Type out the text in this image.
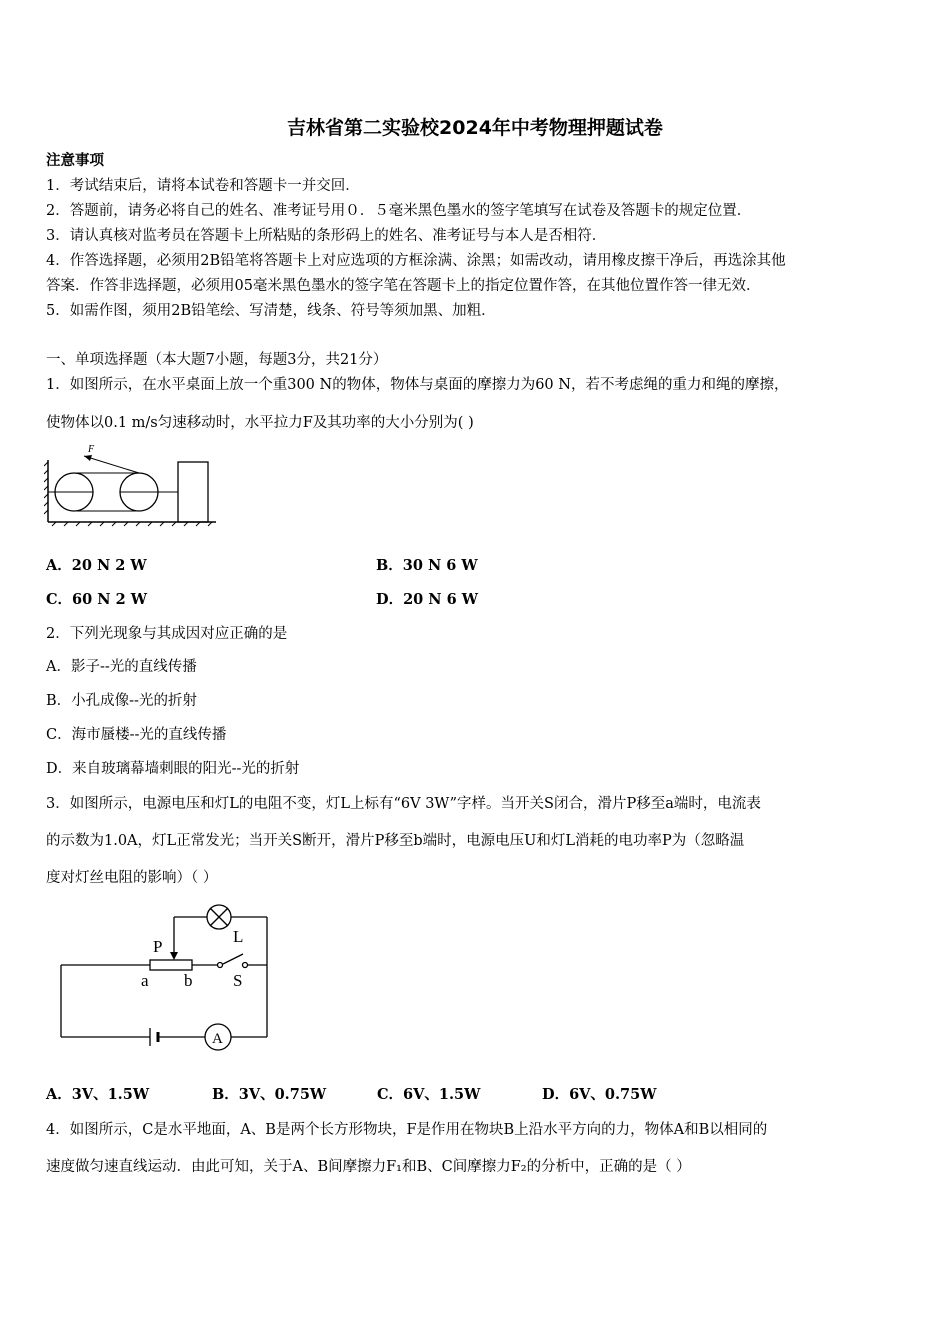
吉林省第二实验校2024年中考物理押题试卷
注意事项
1．考试结束后，请将本试卷和答题卡一并交回．
2．答题前，请务必将自己的姓名、准考证号用０．５毫米黑色墨水的签字笔填写在试卷及答题卡的规定位置．
3．请认真核对监考员在答题卡上所粘贴的条形码上的姓名、准考证号与本人是否相符．
4．作答选择题，必须用2B铅笔将答题卡上对应选项的方框涂满、涂黑；如需改动，请用橡皮擦干净后，再选涂其他
答案．作答非选择题，必须用05毫米黑色墨水的签字笔在答题卡上的指定位置作答，在其他位置作答一律无效．
5．如需作图，须用2B铅笔绘、写清楚，线条、符号等须加黑、加粗．
一、单项选择题（本大题7小题，每题3分，共21分）
1．如图所示，在水平桌面上放一个重300 N的物体，物体与桌面的摩擦力为60 N，若不考虑绳的重力和绳的摩擦，
使物体以0.1 m/s匀速移动时，水平拉力F及其功率的大小分别为( )
F
A．20 N 2 W	B．30 N 6 W
C．60 N 2 W	D．20 N 6 W
2．下列光现象与其成因对应正确的是
A．影子--光的直线传播
B．小孔成像--光的折射
C．海市蜃楼--光的直线传播
D．来自玻璃幕墙刺眼的阳光--光的折射
3．如图所示，电源电压和灯L的电阻不变，灯L上标有“6V 3W”字样。当开关S闭合，滑片P移至a端时，电流表
的示数为1.0A，灯L正常发光；当开关S断开，滑片P移至b端时，电源电压U和灯L消耗的电功率P为（忽略温
度对灯丝电阻的影响）（ ）
P
L
a b S
A
A．3V、1.5W	B．3V、0.75W	C．6V、1.5W	D．6V、0.75W
4．如图所示，C是水平地面，A、B是两个长方形物块，F是作用在物块B上沿水平方向的力，物体A和B以相同的
速度做匀速直线运动．由此可知，关于A、B间摩擦力F₁和B、C间摩擦力F₂的分析中，正确的是（ ）
